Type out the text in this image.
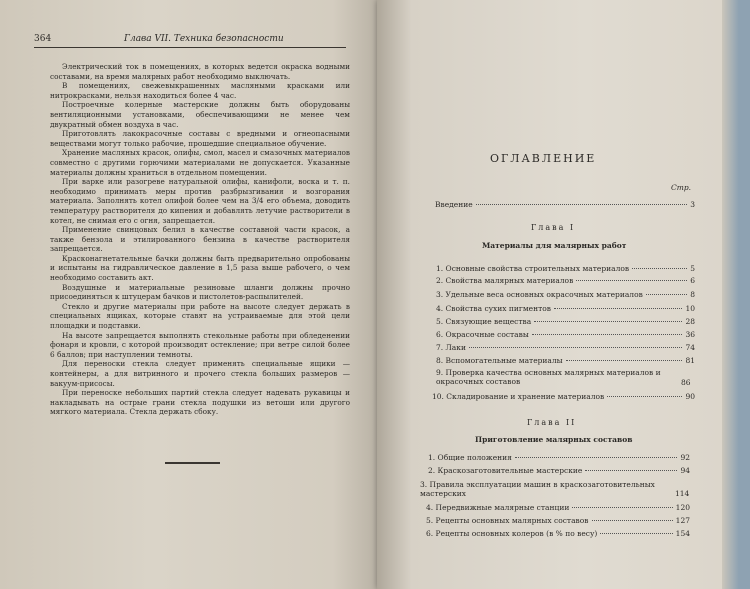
364	Глава VII. Техника безопасности

Электрический ток в помещениях, в которых ведется окраска водными составами, на время малярных работ необходимо выключать.

В помещениях, свежевыкрашенных масляными красками или нитрокрасками, нельзя находиться более 4 час.

Построечные колерные мастерские должны быть оборудованы вентиляционными установками, обеспечивающими не менее чем двукратный обмен воздуха в час.

Приготовлять лакокрасочные составы с вредными и огнеопасными веществами могут только рабочие, прошедшие специальное обучение.

Хранение масляных красок, олифы, смол, масел и смазочных материалов совместно с другими горючими материалами не допускается. Указанные материалы должны храниться в отдельном помещении.

При варке или разогреве натуральной олифы, канифоли, воска и т. п. необходимо принимать меры против разбрызгивания и возгорания материала. Заполнять котел олифой более чем на 3/4 его объема, доводить температуру растворителя до кипения и добавлять летучие растворители в котел, не снимая его с огня, запрещается.

Применение свинцовых белил в качестве составной части красок, а также бензола и этилированного бензина в качестве растворителя запрещается.

Красконагнетательные бачки должны быть предварительно опробованы и испытаны на гидравлическое давление в 1,5 раза выше рабочего, о чем необходимо составить акт.

Воздушные и материальные резиновые шланги должны прочно присоединяться к штуцерам бачков и пистолетов-распылителей.

Стекло и другие материалы при работе на высоте следует держать в специальных ящиках, которые ставят на устраиваемые для этой цели площадки и подставки.

На высоте запрещается выполнять стекольные работы при обледенении фонаря и кровли, с которой производят остекление; при ветре силой более 6 баллов; при наступлении темноты.

Для переноски стекла следует применять специальные ящики — контейнеры, а для витринного и прочего стекла больших размеров — вакуум-присосы.

При переноске небольших партий стекла следует надевать рукавицы и накладывать на острые грани стекла подушки из ветоши или другого мягкого материала. Стекла держать сбоку.

ОГЛАВЛЕНИЕ
Стр.
Введение	3
Глава I
Материалы для малярных работ
1. Основные свойства строительных материалов	5
2. Свойства малярных материалов	6
3. Удельные веса основных окрасочных материалов	8
4. Свойства сухих пигментов	10
5. Связующие вещества	28
6. Окрасочные составы	36
7. Лаки	74
8. Вспомогательные материалы	81
9. Проверка качества основных малярных материалов и окрасочных составов	86
10. Складирование и хранение материалов	90
Глава II
Приготовление малярных составов
1. Общие положения	92
2. Краскозаготовительные мастерские	94
3. Правила эксплуатации машин в краскозаготовительных мастерских	114
4. Передвижные малярные станции	120
5. Рецепты основных малярных составов	127
6. Рецепты основных колеров (в % по весу)	154
